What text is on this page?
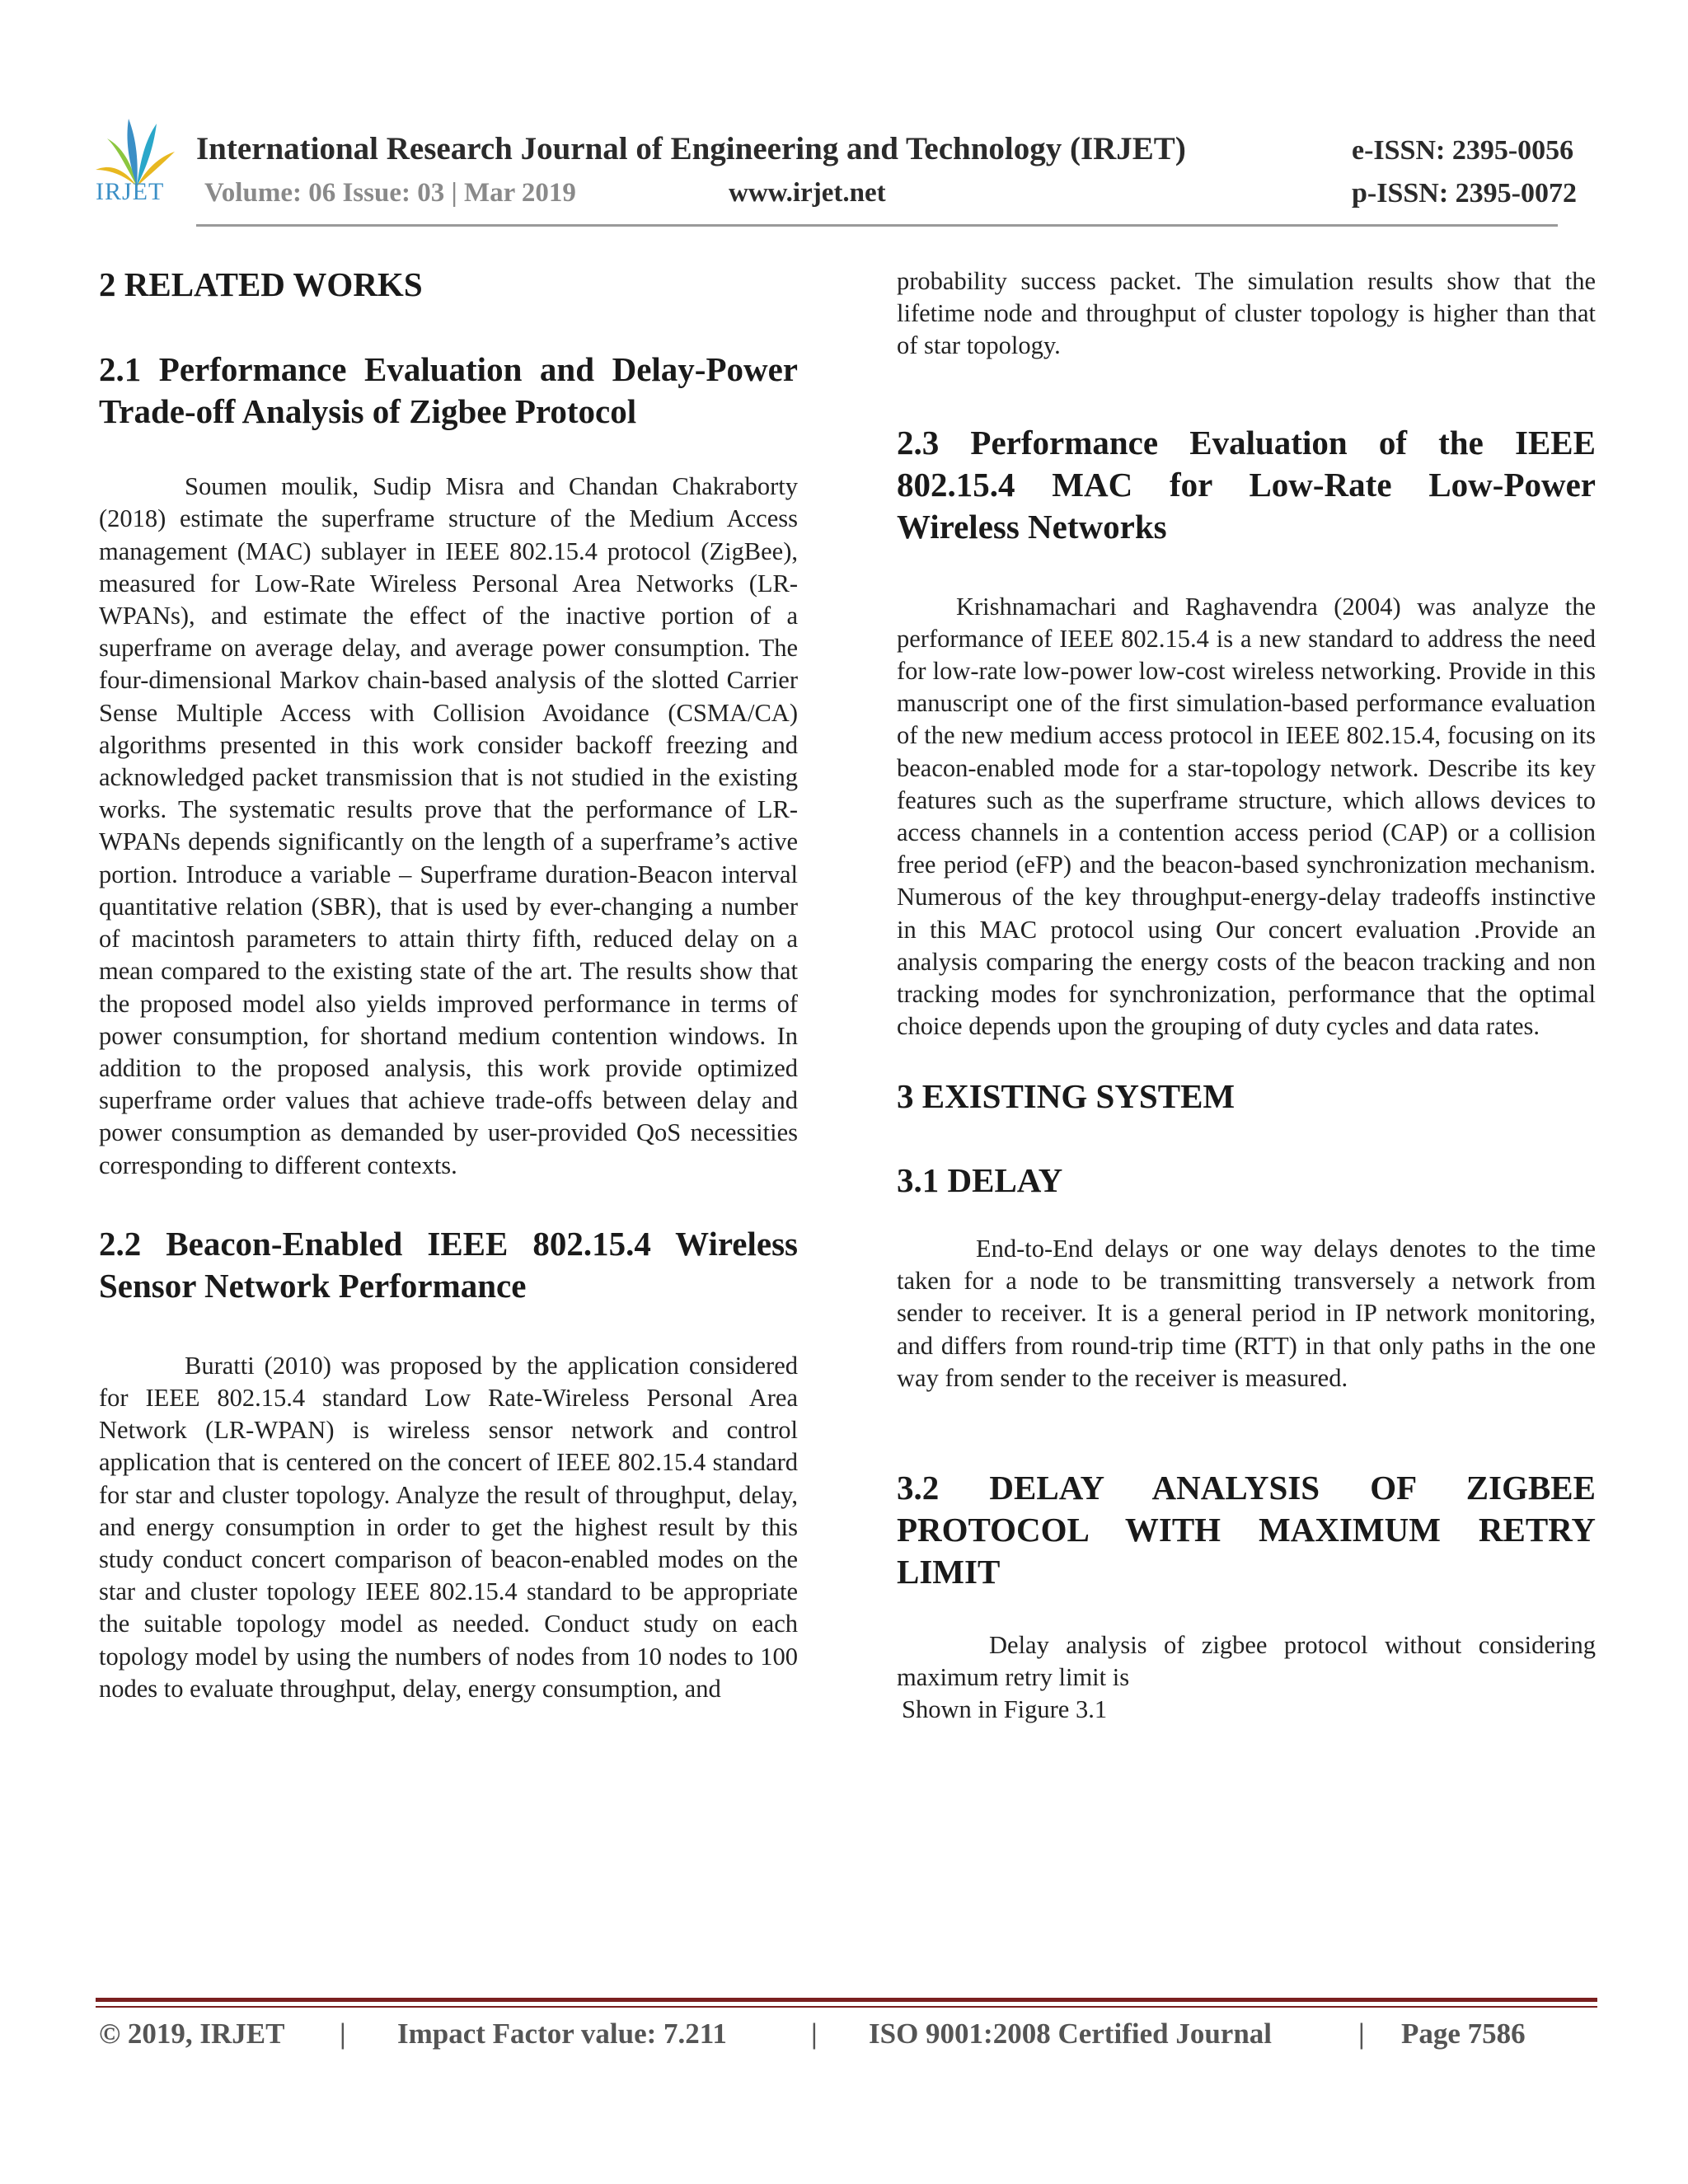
IRJET
International Research Journal of Engineering and Technology (IRJET)	e-ISSN: 2395-0056
Volume: 06 Issue: 03 | Mar 2019	www.irjet.net	p-ISSN: 2395-0072
2 RELATED WORKS
2.1 Performance Evaluation and Delay-Power Trade-off Analysis of Zigbee Protocol

Soumen moulik, Sudip Misra and Chandan Chakraborty (2018) estimate the superframe structure of the Medium Access management (MAC) sublayer in IEEE 802.15.4 protocol (ZigBee), measured for Low-Rate Wireless Personal Area Networks (LR-WPANs), and estimate the effect of the inactive portion of a superframe on average delay, and average power consumption. The four-dimensional Markov chain-based analysis of the slotted Carrier Sense Multiple Access with Collision Avoidance (CSMA/CA) algorithms presented in this work consider backoff freezing and acknowledged packet transmission that is not studied in the existing works. The systematic results prove that the performance of LR-WPANs depends significantly on the length of a superframe’s active portion. Introduce a variable – Superframe duration-Beacon interval quantitative relation (SBR), that is used by ever-changing a number of macintosh parameters to attain thirty fifth, reduced delay on a mean compared to the existing state of the art. The results show that the proposed model also yields improved performance in terms of power consumption, for shortand medium contention windows. In addition to the proposed analysis, this work provide optimized superframe order values that achieve trade-offs between delay and power consumption as demanded by user-provided QoS necessities corresponding to different contexts.

2.2 Beacon-Enabled IEEE 802.15.4 Wireless Sensor Network Performance

Buratti (2010) was proposed by the application considered for IEEE 802.15.4 standard Low Rate-Wireless Personal Area Network (LR-WPAN) is wireless sensor network and control application that is centered on the concert of IEEE 802.15.4 standard for star and cluster topology. Analyze the result of throughput, delay, and energy consumption in order to get the highest result by this study conduct concert comparison of beacon-enabled modes on the star and cluster topology IEEE 802.15.4 standard to be appropriate the suitable topology model as needed. Conduct study on each topology model by using the numbers of nodes from 10 nodes to 100 nodes to evaluate throughput, delay, energy consumption, and

probability success packet. The simulation results show that the lifetime node and throughput of cluster topology is higher than that of star topology.

2.3 Performance Evaluation of the IEEE 802.15.4 MAC for Low-Rate Low-Power Wireless Networks

Krishnamachari and Raghavendra (2004) was analyze the performance of IEEE 802.15.4 is a new standard to address the need for low-rate low-power low-cost wireless networking. Provide in this manuscript one of the first simulation-based performance evaluation of the new medium access protocol in IEEE 802.15.4, focusing on its beacon-enabled mode for a star-topology network. Describe its key features such as the superframe structure, which allows devices to access channels in a contention access period (CAP) or a collision free period (eFP) and the beacon-based synchronization mechanism. Numerous of the key throughput-energy-delay tradeoffs instinctive in this MAC protocol using Our concert evaluation .Provide an analysis comparing the energy costs of the beacon tracking and non tracking modes for synchronization, performance that the optimal choice depends upon the grouping of duty cycles and data rates.

3 EXISTING SYSTEM
3.1 DELAY

End-to-End delays or one way delays denotes to the time taken for a node to be transmitting transversely a network from sender to receiver. It is a general period in IP network monitoring, and differs from round-trip time (RTT) in that only paths in the one way from sender to the receiver is measured.

3.2 DELAY ANALYSIS OF ZIGBEE PROTOCOL WITH MAXIMUM RETRY LIMIT

Delay analysis of zigbee protocol without considering maximum retry limit is

Shown in Figure 3.1

© 2019, IRJET | Impact Factor value: 7.211	| ISO 9001:2008 Certified Journal	| Page 7586
